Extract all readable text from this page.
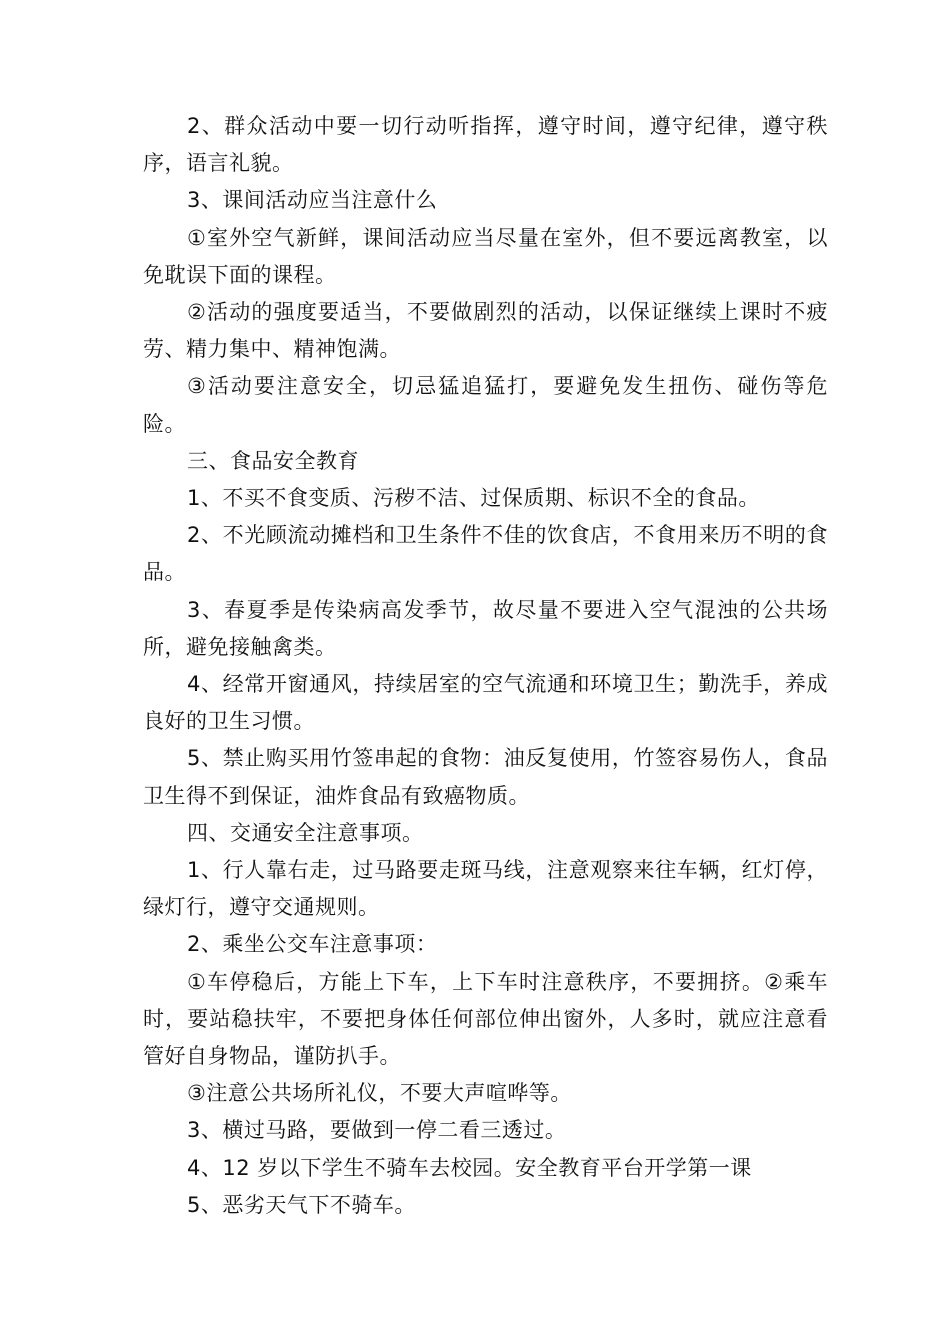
2、群众活动中要一切行动听指挥，遵守时间，遵守纪律，遵守秩序，语言礼貌。

3、课间活动应当注意什么

①室外空气新鲜，课间活动应当尽量在室外，但不要远离教室，以免耽误下面的课程。

②活动的强度要适当，不要做剧烈的活动，以保证继续上课时不疲劳、精力集中、精神饱满。

③活动要注意安全，切忌猛追猛打，要避免发生扭伤、碰伤等危险。

三、食品安全教育

1、不买不食变质、污秽不洁、过保质期、标识不全的食品。

2、不光顾流动摊档和卫生条件不佳的饮食店，不食用来历不明的食品。

3、春夏季是传染病高发季节，故尽量不要进入空气混浊的公共场所，避免接触禽类。

4、经常开窗通风，持续居室的空气流通和环境卫生；勤洗手，养成良好的卫生习惯。

5、禁止购买用竹签串起的食物：油反复使用，竹签容易伤人，食品卫生得不到保证，油炸食品有致癌物质。

四、交通安全注意事项。

1、行人靠右走，过马路要走斑马线，注意观察来往车辆，红灯停，绿灯行，遵守交通规则。

2、乘坐公交车注意事项：

①车停稳后，方能上下车，上下车时注意秩序，不要拥挤。②乘车时，要站稳扶牢，不要把身体任何部位伸出窗外，人多时，就应注意看管好自身物品，谨防扒手。

③注意公共场所礼仪，不要大声喧哗等。

3、横过马路，要做到一停二看三透过。

4、12 岁以下学生不骑车去校园。安全教育平台开学第一课

5、恶劣天气下不骑车。
